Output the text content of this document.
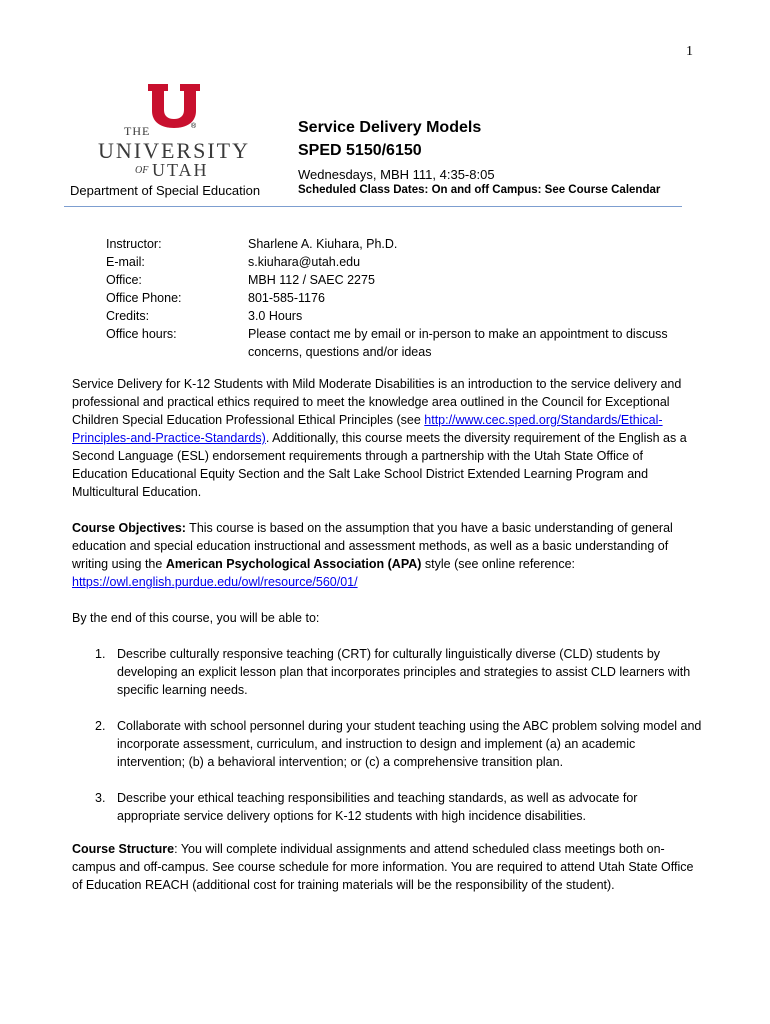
1
THE	®
UNIVERSITY
OF UTAH
Department of Special Education
Service Delivery Models
SPED 5150/6150
Wednesdays, MBH 111, 4:35-8:05
Scheduled Class Dates: On and off Campus: See Course Calendar
Instructor:	Sharlene A. Kiuhara, Ph.D.
E-mail:	s.kiuhara@utah.edu
Office:	MBH 112 / SAEC 2275
Office Phone:	801-585-1176
Credits:	3.0 Hours
Office hours:	Please contact me by email or in-person to make an appointment to discuss concerns, questions and/or ideas

Service Delivery for K-12 Students with Mild Moderate Disabilities is an introduction to the service delivery and professional and practical ethics required to meet the knowledge area outlined in the Council for Exceptional Children Special Education Professional Ethical Principles (see http://www.cec.sped.org/Standards/Ethical-Principles-and-Practice-Standards). Additionally, this course meets the diversity requirement of the English as a Second Language (ESL) endorsement requirements through a partnership with the Utah State Office of Education Educational Equity Section and the Salt Lake School District Extended Learning Program and Multicultural Education.

Course Objectives: This course is based on the assumption that you have a basic understanding of general education and special education instructional and assessment methods, as well as a basic understanding of writing using the American Psychological Association (APA) style (see online reference: https://owl.english.purdue.edu/owl/resource/560/01/

By the end of this course, you will be able to:

1. Describe culturally responsive teaching (CRT) for culturally linguistically diverse (CLD) students by developing an explicit lesson plan that incorporates principles and strategies to assist CLD learners with specific learning needs.
2. Collaborate with school personnel during your student teaching using the ABC problem solving model and incorporate assessment, curriculum, and instruction to design and implement (a) an academic intervention; (b) a behavioral intervention; or (c) a comprehensive transition plan.
3. Describe your ethical teaching responsibilities and teaching standards, as well as advocate for appropriate service delivery options for K-12 students with high incidence disabilities.

Course Structure: You will complete individual assignments and attend scheduled class meetings both on-campus and off-campus. See course schedule for more information. You are required to attend Utah State Office of Education REACH (additional cost for training materials will be the responsibility of the student).
